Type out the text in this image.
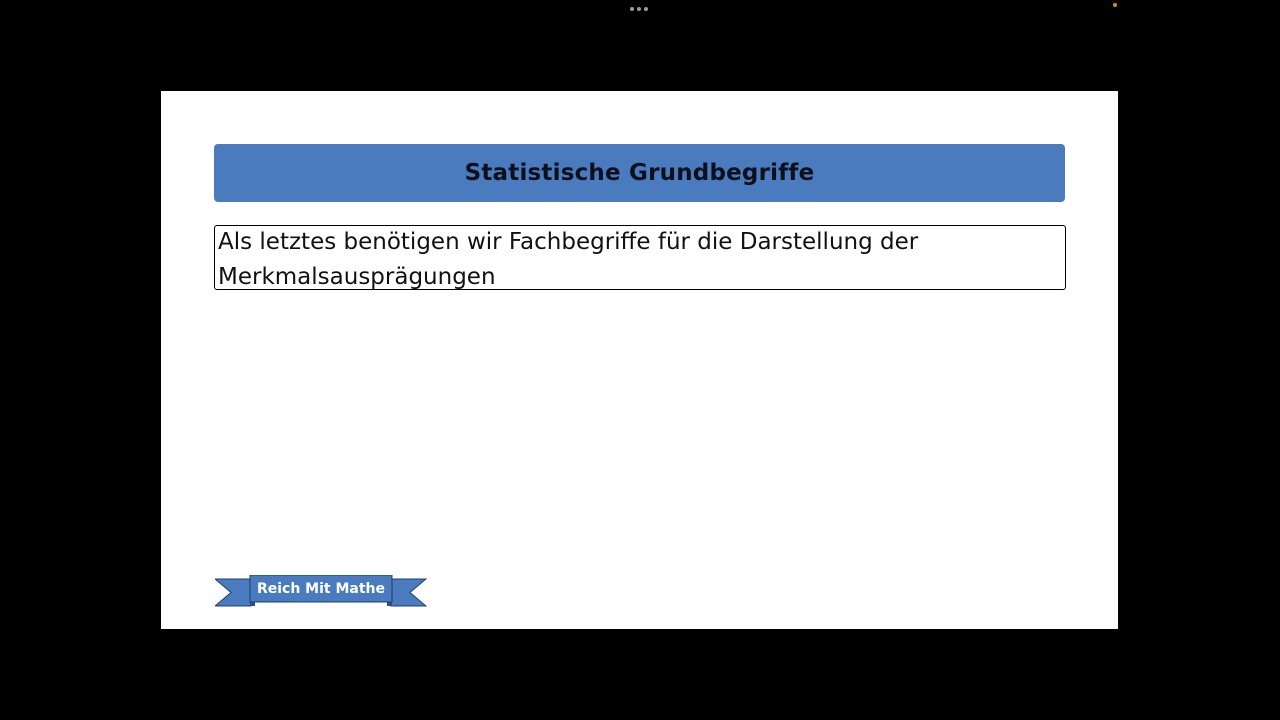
Statistische Grundbegriffe

Als letztes benötigen wir Fachbegriffe für die Darstellung der Merkmalsausprägungen

Reich Mit Mathe
